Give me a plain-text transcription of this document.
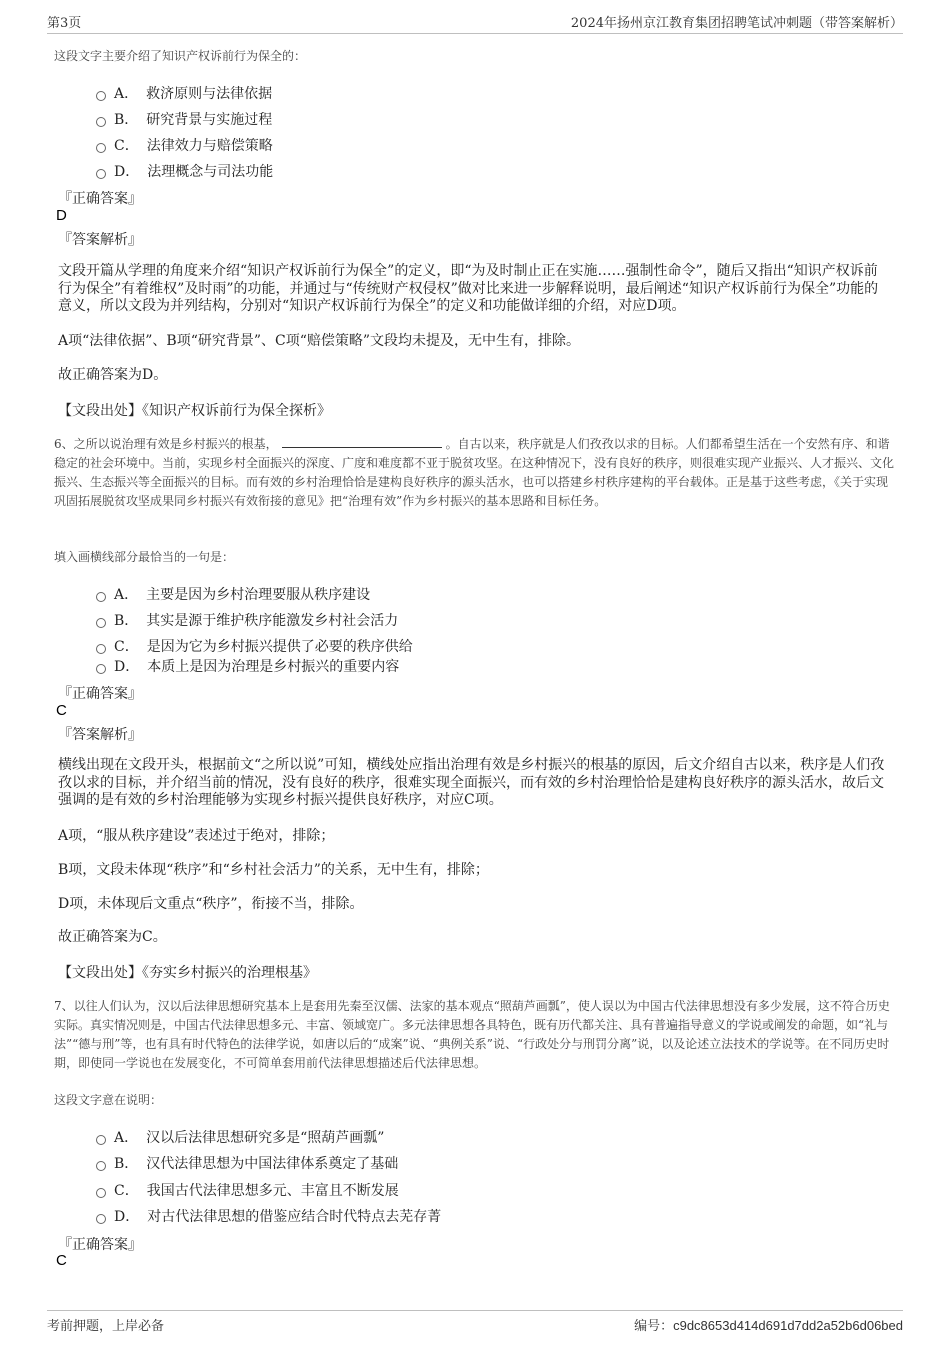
第3页	2024年扬州京江教育集团招聘笔试冲刺题（带答案解析）
这段文字主要介绍了知识产权诉前行为保全的：
A． 救济原则与法律依据
B． 研究背景与实施过程
C． 法律效力与赔偿策略
D． 法理概念与司法功能
『正确答案』
D
『答案解析』
文段开篇从学理的角度来介绍“知识产权诉前行为保全”的定义，即“为及时制止正在实施……强制性命令”，随后又指出“知识产权诉前行为保全”有着维权”及时雨”的功能，并通过与“传统财产权侵权”做对比来进一步解释说明，最后阐述“知识产权诉前行为保全”功能的意义，所以文段为并列结构，分别对“知识产权诉前行为保全”的定义和功能做详细的介绍，对应D项。
A项“法律依据”、B项“研究背景”、C项“赔偿策略”文段均未提及，无中生有，排除。
故正确答案为D。
【文段出处】《知识产权诉前行为保全探析》
6、之所以说治理有效是乡村振兴的根基，	。自古以来，秩序就是人们孜孜以求的目标。人们都希望生活在一个安然有序、和谐稳定的社会环境中。当前，实现乡村全面振兴的深度、广度和难度都不亚于脱贫攻坚。在这种情况下，没有良好的秩序，则很难实现产业振兴、人才振兴、文化振兴、生态振兴等全面振兴的目标。而有效的乡村治理恰恰是建构良好秩序的源头活水，也可以搭建乡村秩序建构的平台载体。正是基于这些考虑，《关于实现巩固拓展脱贫攻坚成果同乡村振兴有效衔接的意见》把“治理有效”作为乡村振兴的基本思路和目标任务。
填入画横线部分最恰当的一句是：
A． 主要是因为乡村治理要服从秩序建设
B． 其实是源于维护秩序能激发乡村社会活力
C． 是因为它为乡村振兴提供了必要的秩序供给
D． 本质上是因为治理是乡村振兴的重要内容
『正确答案』
C
『答案解析』
横线出现在文段开头，根据前文“之所以说”可知，横线处应指出治理有效是乡村振兴的根基的原因，后文介绍自古以来，秩序是人们孜孜以求的目标，并介绍当前的情况，没有良好的秩序，很难实现全面振兴，而有效的乡村治理恰恰是建构良好秩序的源头活水，故后文强调的是有效的乡村治理能够为实现乡村振兴提供良好秩序，对应C项。
A项，“服从秩序建设”表述过于绝对，排除；
B项，文段未体现“秩序”和“乡村社会活力”的关系，无中生有，排除；
D项，未体现后文重点“秩序”，衔接不当，排除。
故正确答案为C。
【文段出处】《夯实乡村振兴的治理根基》
7、以往人们认为，汉以后法律思想研究基本上是套用先秦至汉儒、法家的基本观点“照葫芦画瓢”，使人误以为中国古代法律思想没有多少发展，这不符合历史实际。真实情况则是，中国古代法律思想多元、丰富、领域宽广。多元法律思想各具特色，既有历代都关注、具有普遍指导意义的学说或阐发的命题，如“礼与法”“德与刑”等，也有具有时代特色的法律学说，如唐以后的“成案”说、“典例关系”说、“行政处分与刑罚分离”说，以及论述立法技术的学说等。在不同历史时期，即使同一学说也在发展变化，不可简单套用前代法律思想描述后代法律思想。
这段文字意在说明：
A． 汉以后法律思想研究多是“照葫芦画瓢”
B． 汉代法律思想为中国法律体系奠定了基础
C． 我国古代法律思想多元、丰富且不断发展
D． 对古代法律思想的借鉴应结合时代特点去芜存菁
『正确答案』
C
考前押题，上岸必备	编号：c9dc8653d414d691d7dd2a52b6d06bed
